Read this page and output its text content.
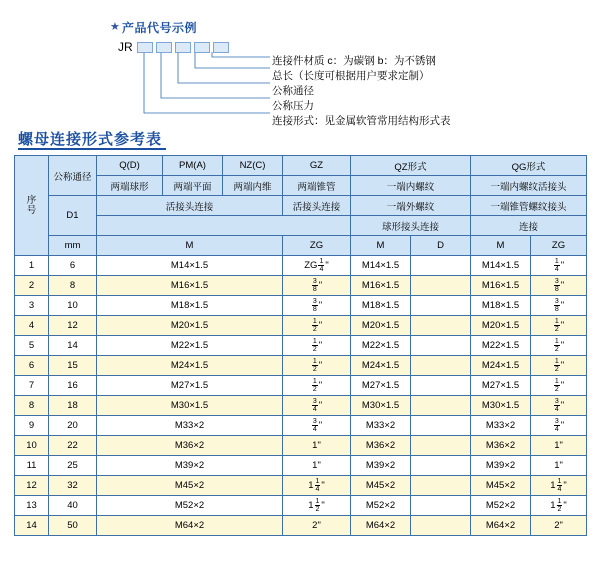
★ 产品代号示例
JR
连接件材质 c：为碳钢 b：为不锈钢
总长（长度可根据用户要求定制）
公称通径
公称压力
连接形式：见金属软管常用结构形式表
螺母连接形式参考表
序
号	公称通径	Q(D)	PM(A)	NZ(C)	GZ	QZ形式		QG形式	
		两端球形	两端平面	两端内维	两端锥管	一端内螺纹		一端内螺纹活接头	
	D1	活接头连接			活接头连接	一端外螺纹		一端锥管螺纹接头	
						球形接头连接		连接	
	mm	M			ZG	M	D	M	ZG
1	6	M14×1.5			ZG $\frac{1}{4}$ "	M14×1.5		M14×1.5	$\frac{1}{4}$ "

2	8	M16×1.5			$\frac{3}{8}$ "	M16×1.5		M16×1.5	$\frac{3}{8}$ "

3	10	M18×1.5			$\frac{3}{8}$ "	M18×1.5		M18×1.5	$\frac{3}{8}$ "

4	12	M20×1.5			$\frac{1}{2}$ "	M20×1.5		M20×1.5	$\frac{1}{2}$ "

5	14	M22×1.5			$\frac{1}{2}$ "	M22×1.5		M22×1.5	$\frac{1}{2}$ "

6	15	M24×1.5			$\frac{1}{2}$ "	M24×1.5		M24×1.5	$\frac{1}{2}$ "

7	16	M27×1.5			$\frac{1}{2}$ "	M27×1.5		M27×1.5	$\frac{1}{2}$ "

8	18	M30×1.5			$\frac{3}{4}$ "	M30×1.5		M30×1.5	$\frac{3}{4}$ "

9	20	M33×2			$\frac{3}{4}$ "	M33×2		M33×2	$\frac{3}{4}$ "

10	22	M36×2			1"	M36×2		M36×2	1"

11	25	M39×2			1"	M39×2		M39×2	1"

12	32	M45×2			$1 \frac{1}{4}$ "	M45×2		M45×2	$1 \frac{1}{4}$ "

13	40	M52×2			$1 \frac{1}{2}$ "	M52×2		M52×2	$1 \frac{1}{2}$ "

14	50	M64×2			2"	M64×2		M64×2	2"
